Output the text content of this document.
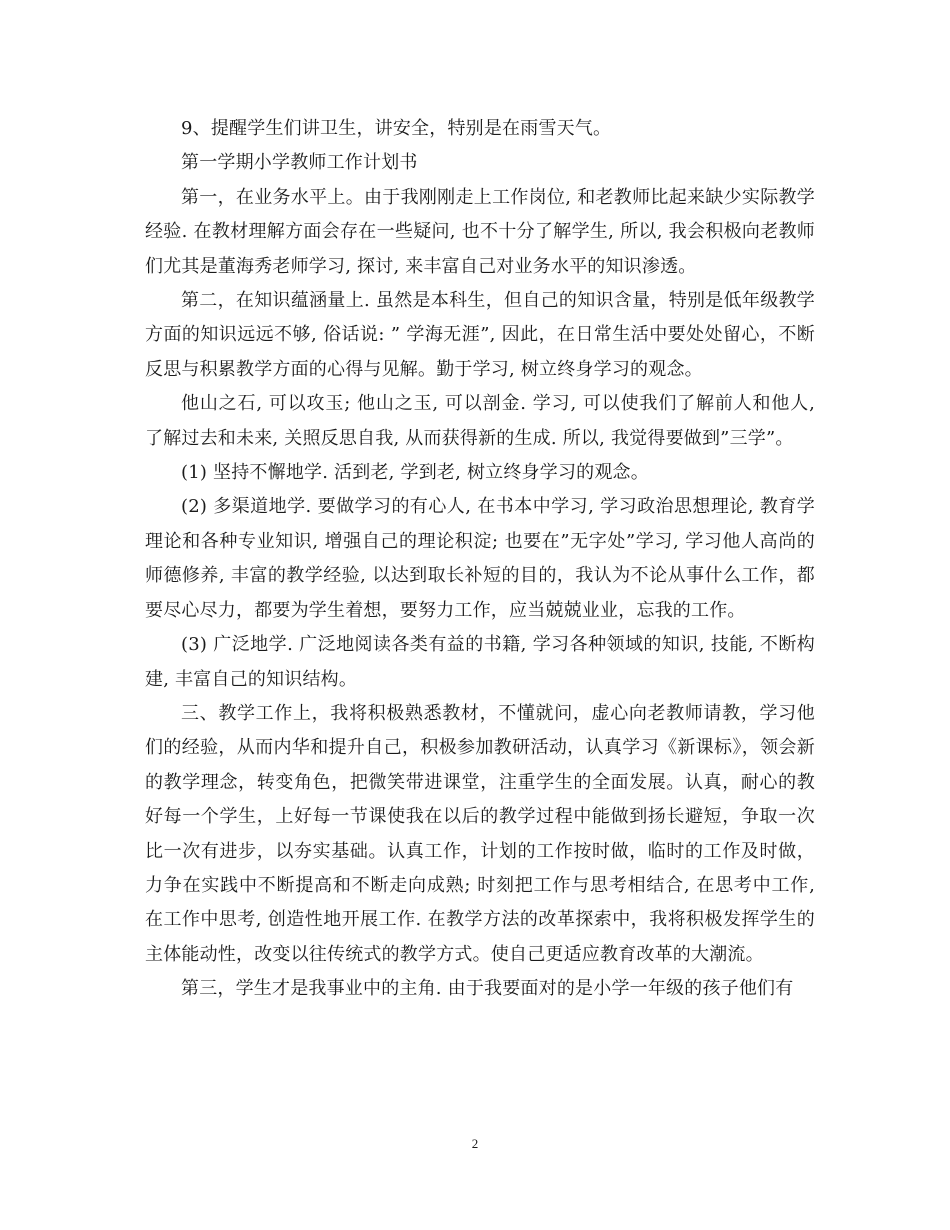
9、提醒学生们讲卫生，讲安全，特别是在雨雪天气。

第一学期小学教师工作计划书

第一，在业务水平上。由于我刚刚走上工作岗位, 和老教师比起来缺少实际教学经验. 在教材理解方面会存在一些疑问, 也不十分了解学生, 所以, 我会积极向老教师们尤其是董海秀老师学习, 探讨, 来丰富自己对业务水平的知识渗透。

第二，在知识蕴涵量上. 虽然是本科生，但自己的知识含量，特别是低年级教学方面的知识远远不够, 俗话说: ” 学海无涯”, 因此，在日常生活中要处处留心，不断反思与积累教学方面的心得与见解。勤于学习, 树立终身学习的观念。

他山之石, 可以攻玉; 他山之玉, 可以剖金. 学习, 可以使我们了解前人和他人, 了解过去和未来, 关照反思自我, 从而获得新的生成. 所以, 我觉得要做到”三学”。

(1) 坚持不懈地学. 活到老, 学到老, 树立终身学习的观念。

(2) 多渠道地学. 要做学习的有心人, 在书本中学习, 学习政治思想理论, 教育学理论和各种专业知识, 增强自己的理论积淀; 也要在”无字处”学习, 学习他人高尚的师德修养, 丰富的教学经验, 以达到取长补短的目的，我认为不论从事什么工作，都要尽心尽力，都要为学生着想，要努力工作，应当兢兢业业，忘我的工作。

(3) 广泛地学. 广泛地阅读各类有益的书籍, 学习各种领域的知识, 技能, 不断构建, 丰富自己的知识结构。

三、教学工作上，我将积极熟悉教材，不懂就问，虚心向老教师请教，学习他们的经验，从而内华和提升自己，积极参加教研活动，认真学习《新课标》，领会新的教学理念，转变角色，把微笑带进课堂，注重学生的全面发展。认真，耐心的教好每一个学生，上好每一节课使我在以后的教学过程中能做到扬长避短，争取一次比一次有进步，以夯实基础。认真工作，计划的工作按时做，临时的工作及时做，力争在实践中不断提高和不断走向成熟; 时刻把工作与思考相结合, 在思考中工作, 在工作中思考, 创造性地开展工作. 在教学方法的改革探索中，我将积极发挥学生的主体能动性，改变以往传统式的教学方式。使自己更适应教育改革的大潮流。

第三，学生才是我事业中的主角. 由于我要面对的是小学一年级的孩子他们有

2
